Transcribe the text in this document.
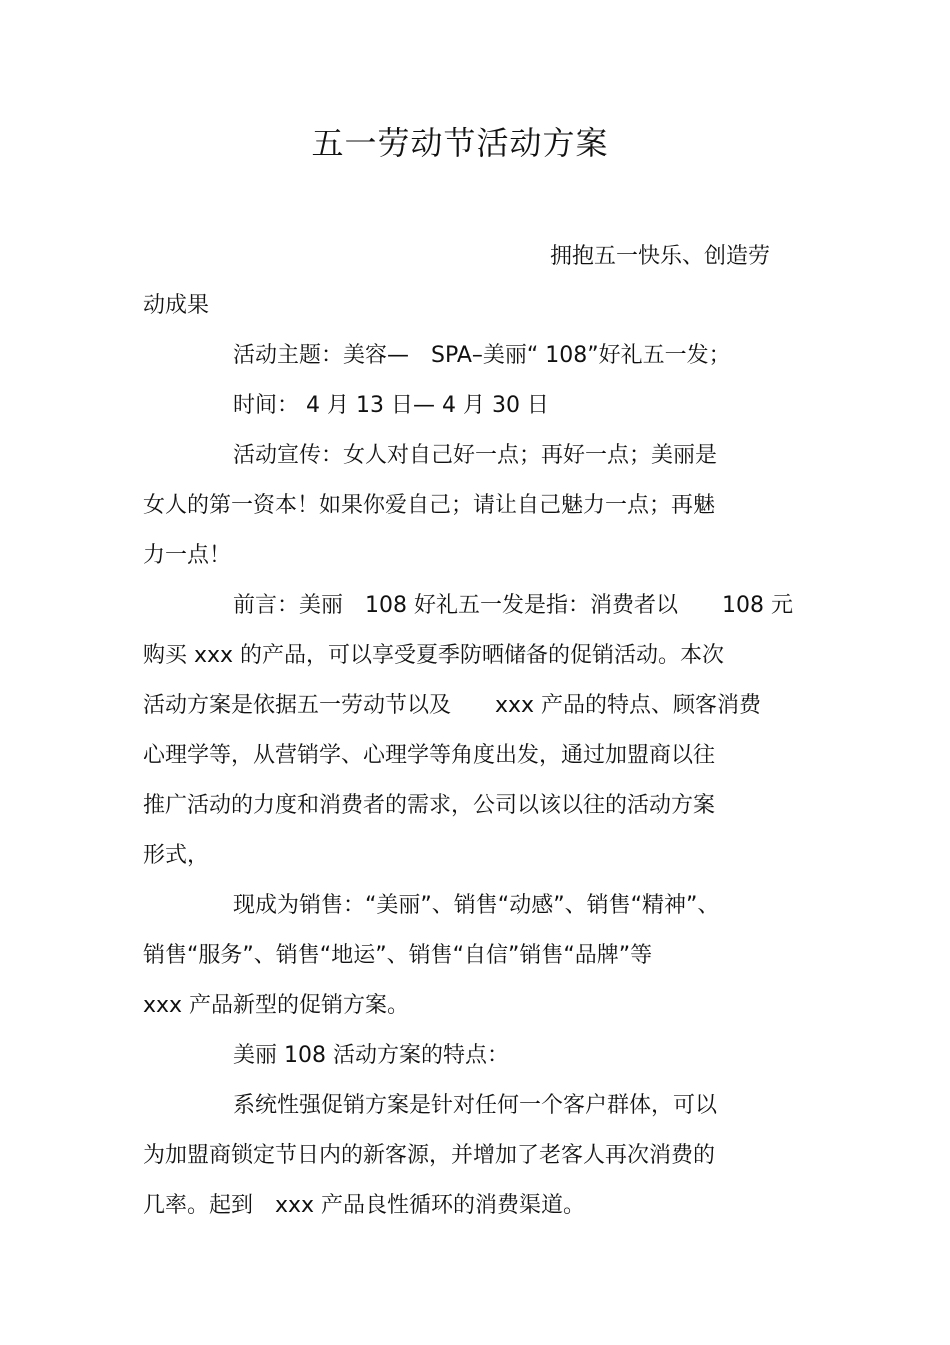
五一劳动节活动方案
拥抱五一快乐、创造劳
动成果
活动主题：美容—　SPA–美丽“ 108”好礼五一发；
时间： 4 月 13 日— 4 月 30 日
活动宣传：女人对自己好一点；再好一点；美丽是
女人的第一资本！如果你爱自己；请让自己魅力一点；再魅
力一点！
前言：美丽　108 好礼五一发是指：消费者以　　108 元
购买 xxx 的产品，可以享受夏季防晒储备的促销活动。本次
活动方案是依据五一劳动节以及　　xxx 产品的特点、顾客消费
心理学等，从营销学、心理学等角度出发，通过加盟商以往
推广活动的力度和消费者的需求，公司以该以往的活动方案
形式，
现成为销售：“美丽”、销售“动感”、销售“精神”、
销售“服务”、销售“地运”、销售“自信”销售“品牌”等
xxx 产品新型的促销方案。
美丽 108 活动方案的特点：
系统性强促销方案是针对任何一个客户群体，可以
为加盟商锁定节日内的新客源，并增加了老客人再次消费的
几率。起到　xxx 产品良性循环的消费渠道。
